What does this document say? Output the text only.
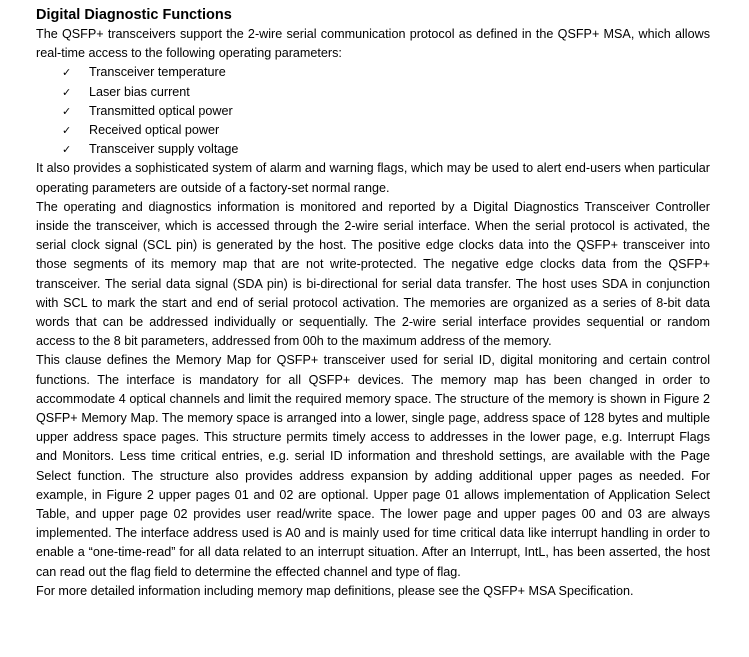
Digital Diagnostic Functions

The QSFP+ transceivers support the 2-wire serial communication protocol as defined in the QSFP+ MSA, which allows real-time access to the following operating parameters:

✓ Transceiver temperature
✓ Laser bias current
✓ Transmitted optical power
✓ Received optical power
✓ Transceiver supply voltage

It also provides a sophisticated system of alarm and warning flags, which may be used to alert end-users when particular operating parameters are outside of a factory-set normal range.

The operating and diagnostics information is monitored and reported by a Digital Diagnostics Transceiver Controller inside the transceiver, which is accessed through the 2-wire serial interface. When the serial protocol is activated, the serial clock signal (SCL pin) is generated by the host. The positive edge clocks data into the QSFP+ transceiver into those segments of its memory map that are not write-protected. The negative edge clocks data from the QSFP+ transceiver. The serial data signal (SDA pin) is bi-directional for serial data transfer. The host uses SDA in conjunction with SCL to mark the start and end of serial protocol activation. The memories are organized as a series of 8-bit data words that can be addressed individually or sequentially. The 2-wire serial interface provides sequential or random access to the 8 bit parameters, addressed from 00h to the maximum address of the memory.

This clause defines the Memory Map for QSFP+ transceiver used for serial ID, digital monitoring and certain control functions. The interface is mandatory for all QSFP+ devices. The memory map has been changed in order to accommodate 4 optical channels and limit the required memory space. The structure of the memory is shown in Figure 2 QSFP+ Memory Map. The memory space is arranged into a lower, single page, address space of 128 bytes and multiple upper address space pages. This structure permits timely access to addresses in the lower page, e.g. Interrupt Flags and Monitors. Less time critical entries, e.g. serial ID information and threshold settings, are available with the Page Select function. The structure also provides address expansion by adding additional upper pages as needed. For example, in Figure 2 upper pages 01 and 02 are optional. Upper page 01 allows implementation of Application Select Table, and upper page 02 provides user read/write space. The lower page and upper pages 00 and 03 are always implemented. The interface address used is A0 and is mainly used for time critical data like interrupt handling in order to enable a “one-time-read” for all data related to an interrupt situation. After an Interrupt, IntL, has been asserted, the host can read out the flag field to determine the effected channel and type of flag.

For more detailed information including memory map definitions, please see the QSFP+ MSA Specification.
